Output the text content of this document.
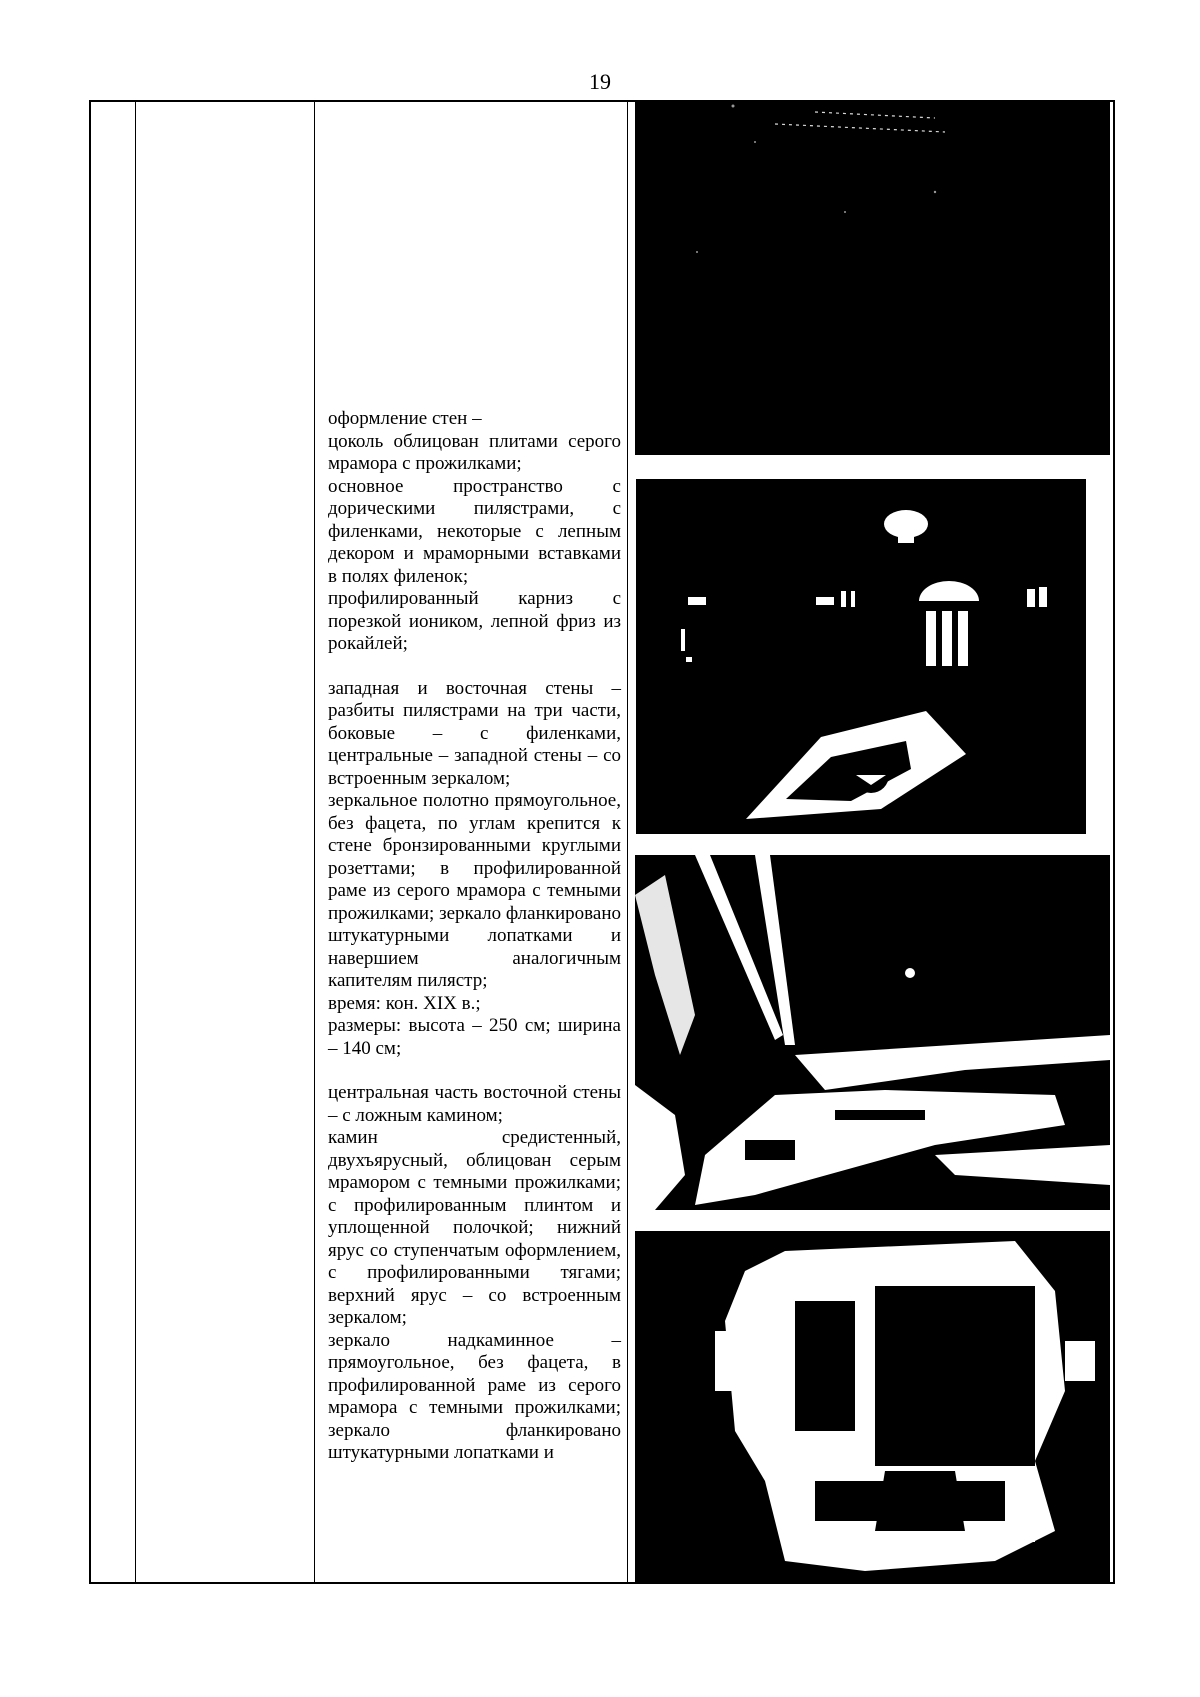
19

оформление стен –

цоколь облицован плитами серого мрамора с прожилками;

основное пространство с дорическими пилястрами, с филенками, некоторые с лепным декором и мраморными вставками в полях филенок;

профилированный карниз с порезкой иоником, лепной фриз из рокайлей;

западная и восточная стены – разбиты пилястрами на три части, боковые – с филенками, центральные – западной стены – со встроенным зеркалом;

зеркальное полотно прямоугольное, без фацета, по углам крепится к стене бронзированными круглыми розеттами; в профилированной раме из серого мрамора с темными прожилками; зеркало фланкировано штукатурными лопатками и навершием аналогичным капителям пилястр;

время: кон. XIX в.;

размеры: высота – 250 см; ширина – 140 см;

центральная часть восточной стены – с ложным камином;

камин средистенный, двухъярусный, облицован серым мрамором с темными прожилками; с профилированным плинтом и уплощенной полочкой; нижний ярус со ступенчатым оформлением, с профилированными тягами; верхний ярус – со встроенным зеркалом;

зеркало надкаминное – прямоугольное, без фацета, в профилированной раме из серого мрамора с темными прожилками; зеркало фланкировано штукатурными лопатками и
